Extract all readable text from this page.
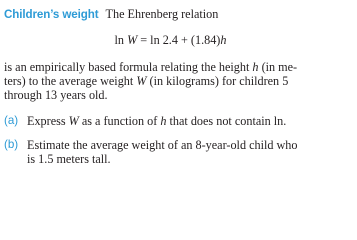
Children’s weight The Ehrenberg relation
ln W = ln 2.4 + (1.84)h
is an empirically based formula relating the height h (in me-
ters) to the average weight W (in kilograms) for children 5
through 13 years old.
(a) Express W as a function of h that does not contain ln.
(b) Estimate the average weight of an 8-year-old child who
is 1.5 meters tall.
